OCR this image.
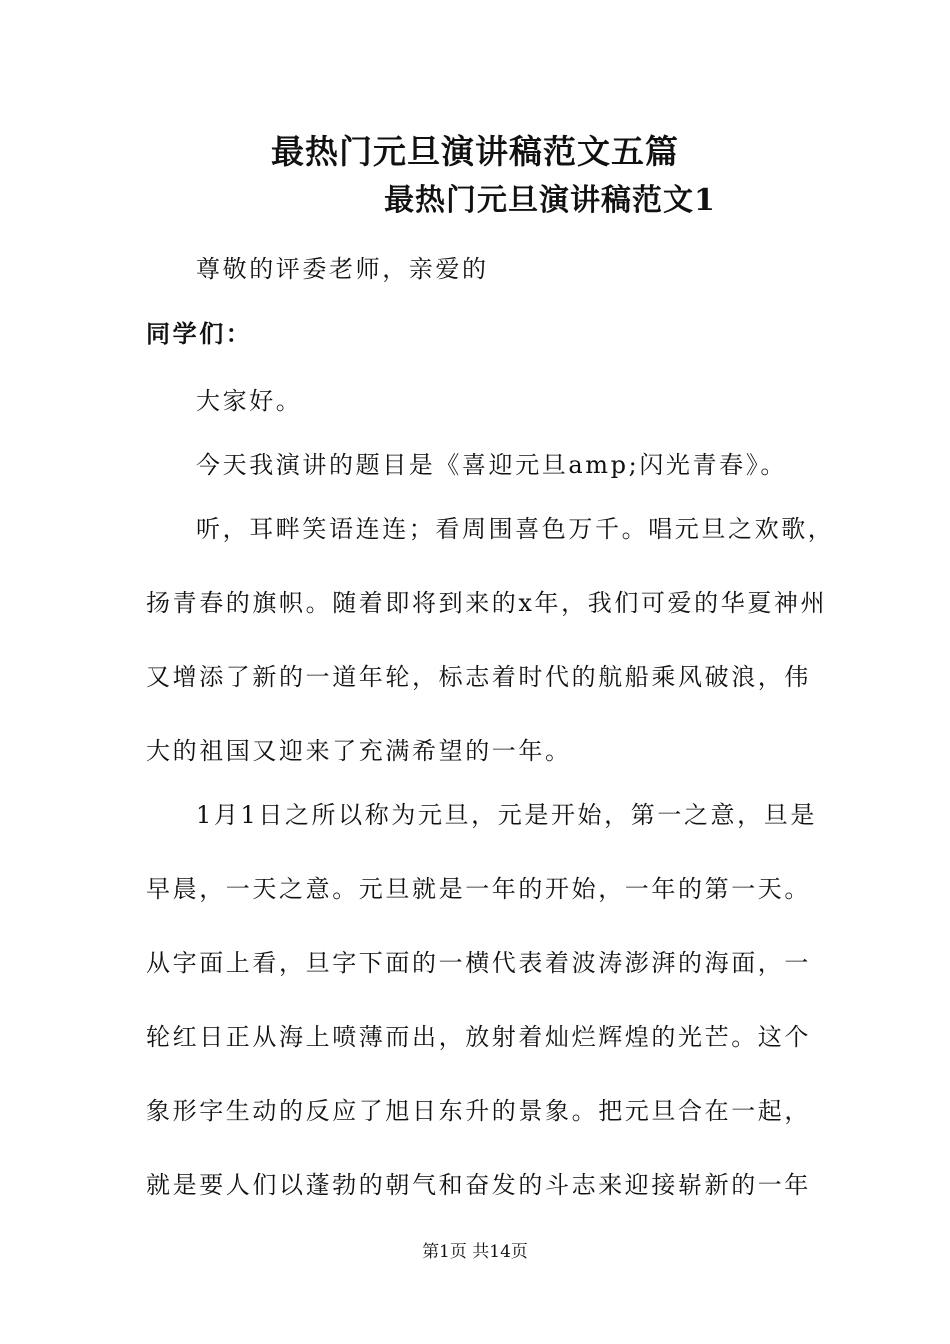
最热门元旦演讲稿范文五篇
最热门元旦演讲稿范文1
尊敬的评委老师，亲爱的
同学们：
大家好。
今天我演讲的题目是《喜迎元旦amp;闪光青春》。
听，耳畔笑语连连；看周围喜色万千。唱元旦之欢歌，
扬青春的旗帜。随着即将到来的x年，我们可爱的华夏神州
又增添了新的一道年轮，标志着时代的航船乘风破浪，伟
大的祖国又迎来了充满希望的一年。
1月1日之所以称为元旦，元是开始，第一之意，旦是
早晨，一天之意。元旦就是一年的开始，一年的第一天。
从字面上看，旦字下面的一横代表着波涛澎湃的海面，一
轮红日正从海上喷薄而出，放射着灿烂辉煌的光芒。这个
象形字生动的反应了旭日东升的景象。把元旦合在一起，
就是要人们以蓬勃的朝气和奋发的斗志来迎接崭新的一年
第1页 共14页
